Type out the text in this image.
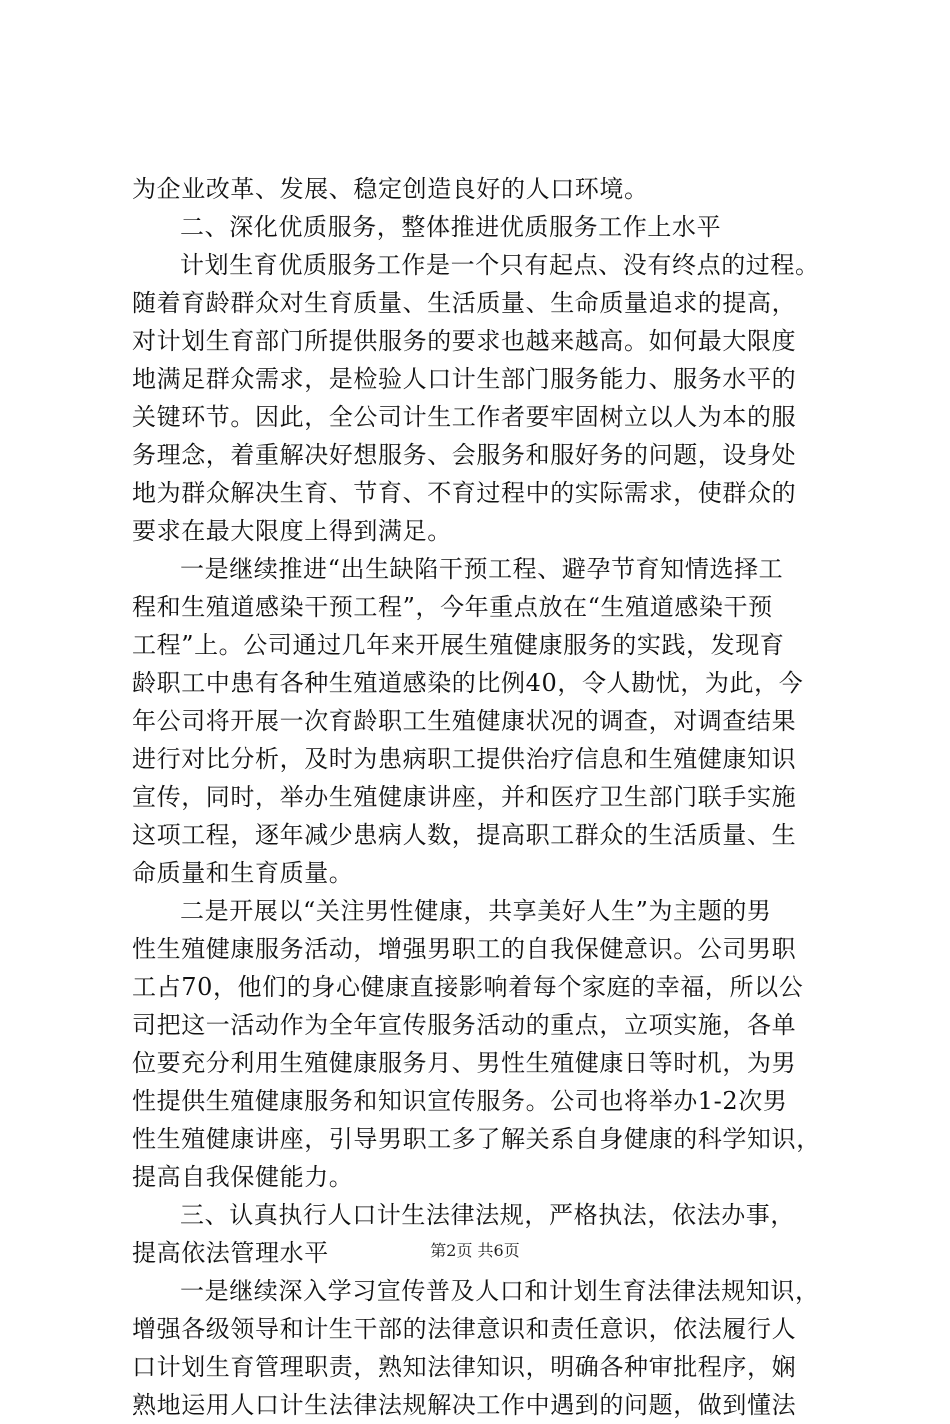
为企业改革、发展、稳定创造良好的人口环境。
二、深化优质服务，整体推进优质服务工作上水平
计划生育优质服务工作是一个只有起点、没有终点的过程。
随着育龄群众对生育质量、生活质量、生命质量追求的提高，
对计划生育部门所提供服务的要求也越来越高。如何最大限度
地满足群众需求，是检验人口计生部门服务能力、服务水平的
关键环节。因此，全公司计生工作者要牢固树立以人为本的服
务理念，着重解决好想服务、会服务和服好务的问题，设身处
地为群众解决生育、节育、不育过程中的实际需求，使群众的
要求在最大限度上得到满足。
一是继续推进“出生缺陷干预工程、避孕节育知情选择工
程和生殖道感染干预工程”，今年重点放在“生殖道感染干预
工程”上。公司通过几年来开展生殖健康服务的实践，发现育
龄职工中患有各种生殖道感染的比例40，令人勘忧，为此，今
年公司将开展一次育龄职工生殖健康状况的调查，对调查结果
进行对比分析，及时为患病职工提供治疗信息和生殖健康知识
宣传，同时，举办生殖健康讲座，并和医疗卫生部门联手实施
这项工程，逐年减少患病人数，提高职工群众的生活质量、生
命质量和生育质量。
二是开展以“关注男性健康，共享美好人生”为主题的男
性生殖健康服务活动，增强男职工的自我保健意识。公司男职
工占70，他们的身心健康直接影响着每个家庭的幸福，所以公
司把这一活动作为全年宣传服务活动的重点，立项实施，各单
位要充分利用生殖健康服务月、男性生殖健康日等时机，为男
性提供生殖健康服务和知识宣传服务。公司也将举办1-2次男
性生殖健康讲座，引导男职工多了解关系自身健康的科学知识，
提高自我保健能力。
三、认真执行人口计生法律法规，严格执法，依法办事，
提高依法管理水平
一是继续深入学习宣传普及人口和计划生育法律法规知识，
增强各级领导和计生干部的法律意识和责任意识，依法履行人
口计划生育管理职责，熟知法律知识，明确各种审批程序，娴
熟地运用人口计生法律法规解决工作中遇到的问题，做到懂法
第2页 共6页
